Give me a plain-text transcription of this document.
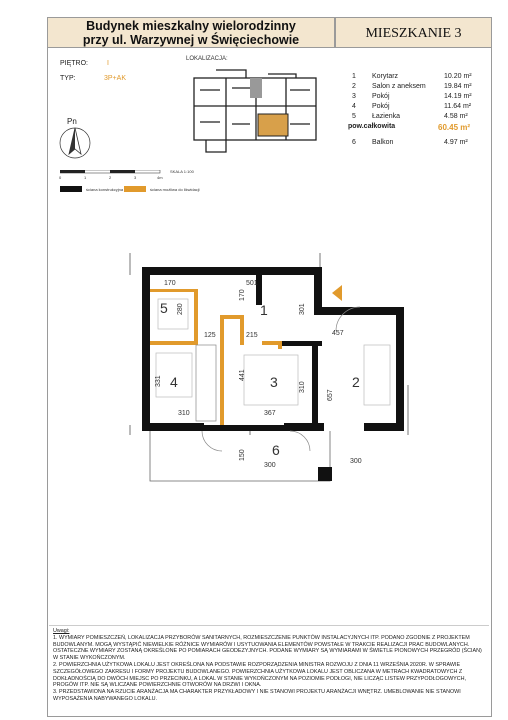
Budynek mieszkalny wielorodzinny
przy ul. Warzywnej w Święciechowie	MIESZKANIE 3
PIĘTRO:	I
TYP:	3P+AK
LOKALIZACJA:
Pn
1 Korytarz	10.20 m²
2 Salon z aneksem	19.84 m²
3 Pokój	14.19 m²
4 Pokój	11.64 m²
5 Łazienka	4.58 m²
pow.całkowita	60.45 m²
6 Balkon	4.97 m²
SKALA 1:100
0	1	2	3	4m
ściana konstrukcyjna	ściana możliwa do likwidacji
5	1
4	3	2
6
170	501
280
170
301
125	215	457
331
441
310
657
310
367
150
300
300
Uwagi:
1. WYMIARY POMIESZCZEŃ, LOKALIZACJA PRZYBORÓW SANITARNYCH, ROZMIESZCZENIE PUNKTÓW INSTALACYJNYCH ITP. PODANO ZGODNIE Z PROJEKTEM BUDOWLANYM. MOGĄ WYSTĄPIĆ NIEWIELKIE RÓŻNICE WYMIARÓW I USYTUOWANIA ELEMENTÓW POWSTAŁE W TRAKCIE REALIZACJI PRAC BUDOWLANYCH. OSTATECZNE WYMIARY ZOSTANĄ OKREŚLONE PO POMIARACH GEODEZYJNYCH. PODANE WYMIARY SĄ WYMIARAMI W ŚWIETLE PIONOWYCH PRZEGRÓD (ŚCIAN) W STANIE WYKOŃCZONYM.
2. POWIERZCHNIA UŻYTKOWA LOKALU JEST OKREŚLONA NA PODSTAWIE ROZPORZĄDZENIA MINISTRA ROZWOJU Z DNIA 11 WRZEŚNIA 2020R. W SPRAWIE SZCZEGÓŁOWEGO ZAKRESU I FORMY PROJEKTU BUDOWLANEGO. POWIERZCHNIA UŻYTKOWA LOKALU JEST OBLICZANA W METRACH KWADRATOWYCH Z DOKŁADNOŚCIĄ DO DWÓCH MIEJSC PO PRZECINKU, A LOKAL W STANIE WYKOŃCZONYM NA POZIOMIE PODŁOGI, NIE LICZĄC LISTEW PRZYPODŁOGOWYCH, PROGÓW ITP. NIE SĄ WLICZANE POWIERZCHNIE OTWORÓW NA DRZWI I OKNA.
3. PRZEDSTAWIONA NA RZUCIE ARANŻACJA MA CHARAKTER PRZYKŁADOWY I NIE STANOWI PROJEKTU ARANŻACJI WNĘTRZ. UMEBLOWANIE NIE STANOWI WYPOSAŻENIA NABYWANEGO LOKALU.
